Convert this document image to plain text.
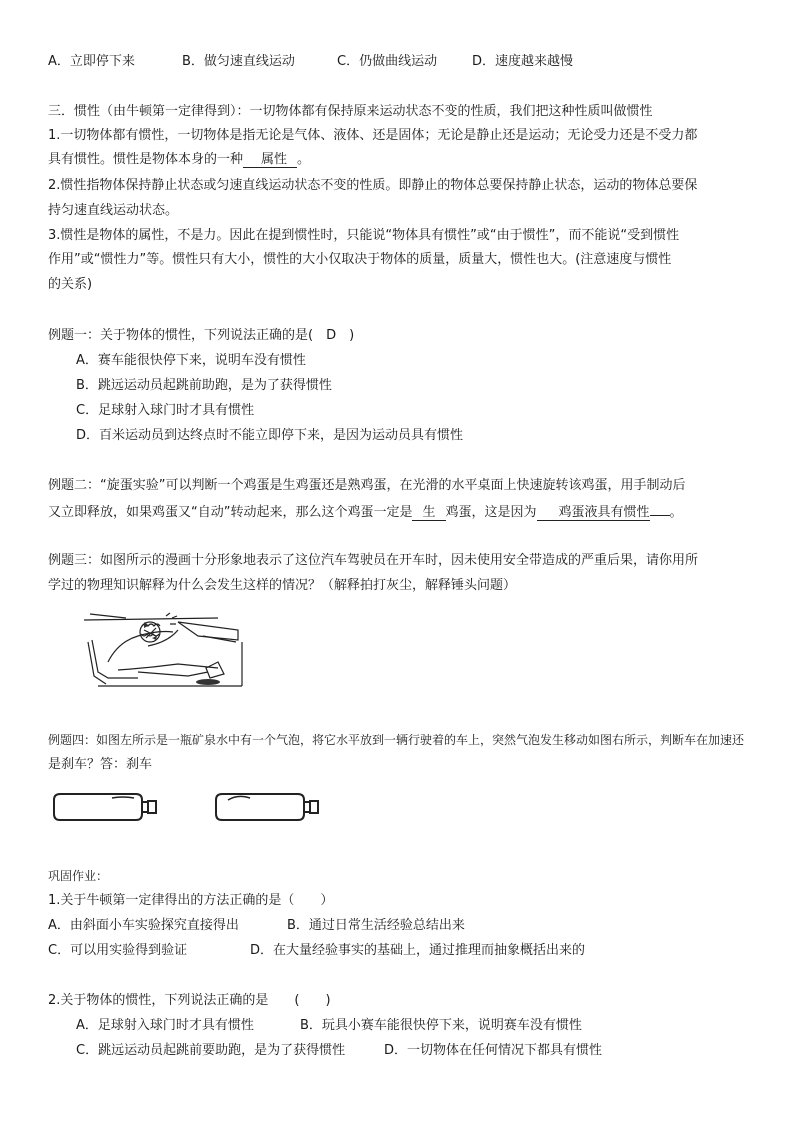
A．立即停下来	B．做匀速直线运动	C．仍做曲线运动	D．速度越来越慢
三．惯性（由牛顿第一定律得到）：一切物体都有保持原来运动状态不变的性质，我们把这种性质叫做惯性
1.一切物体都有惯性，一切物体是指无论是气体、液体、还是固体；无论是静止还是运动；无论受力还是不受力都
具有惯性。惯性是物体本身的一种 属性 。
2.惯性指物体保持静止状态或匀速直线运动状态不变的性质。即静止的物体总要保持静止状态，运动的物体总要保
持匀速直线运动状态。
3.惯性是物体的属性，不是力。因此在提到惯性时，只能说“物体具有惯性”或“由于惯性”，而不能说“受到惯性
作用”或“惯性力”等。惯性只有大小，惯性的大小仅取决于物体的质量，质量大，惯性也大。(注意速度与惯性
的关系)
例题一：关于物体的惯性，下列说法正确的是(　D　)
A．赛车能很快停下来，说明车没有惯性
B．跳远运动员起跳前助跑，是为了获得惯性
C．足球射入球门时才具有惯性
D．百米运动员到达终点时不能立即停下来，是因为运动员具有惯性
例题二：“旋蛋实验”可以判断一个鸡蛋是生鸡蛋还是熟鸡蛋，在光滑的水平桌面上快速旋转该鸡蛋，用手制动后
又立即释放，如果鸡蛋又“自动”转动起来，那么这个鸡蛋一定是 生 鸡蛋，这是因为 鸡蛋液具有惯性 。
例题三：如图所示的漫画十分形象地表示了这位汽车驾驶员在开车时，因未使用安全带造成的严重后果，请你用所
学过的物理知识解释为什么会发生这样的情况？（解释拍打灰尘，解释锤头问题）
例题四：如图左所示是一瓶矿泉水中有一个气泡，将它水平放到一辆行驶着的车上，突然气泡发生移动如图右所示，判断车在加速还
是刹车？答：刹车
巩固作业：
1.关于牛顿第一定律得出的方法正确的是（　　）
A．由斜面小车实验探究直接得出	B．通过日常生活经验总结出来
C．可以用实验得到验证	D．在大量经验事实的基础上，通过推理而抽象概括出来的
2.关于物体的惯性，下列说法正确的是　　(　　)
A．足球射入球门时才具有惯性	B．玩具小赛车能很快停下来，说明赛车没有惯性
C．跳远运动员起跳前要助跑，是为了获得惯性	D．一切物体在任何情况下都具有惯性
